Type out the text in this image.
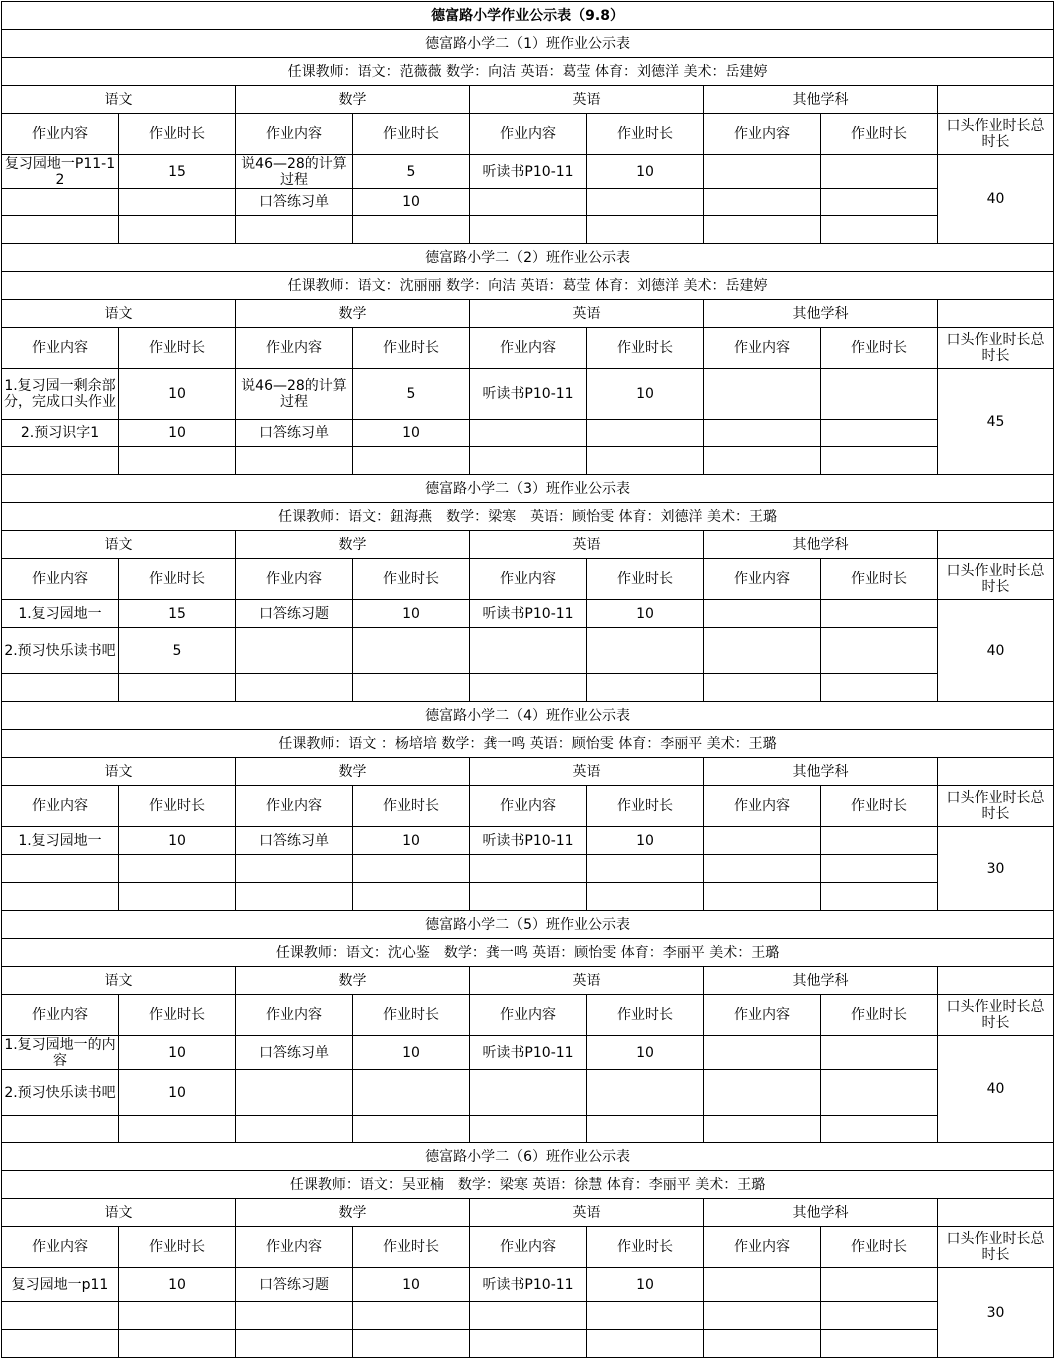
德富路小学作业公示表（9.8）								
德富路小学二（1）班作业公示表								
任课教师：语文：范薇薇 数学：向洁 英语：葛莹 体育：刘德洋 美术：岳建婷								
语文		数学		英语		其他学科		
作业内容	作业时长	作业内容	作业时长	作业内容	作业时长	作业内容	作业时长	口头作业时长总时长
复习园地一P11-12	15	说46—28的计算过程	5	听读书P10-11	10			40
		口答练习单	10					

德富路小学二（2）班作业公示表								
任课教师：语文：沈丽丽 数学：向洁 英语：葛莹 体育：刘德洋 美术：岳建婷								
语文		数学		英语		其他学科		
作业内容	作业时长	作业内容	作业时长	作业内容	作业时长	作业内容	作业时长	口头作业时长总时长
1.复习园一剩余部分，完成口头作业	10	说46—28的计算过程	5	听读书P10-11	10			45
2.预习识字1	10	口答练习单	10					

德富路小学二（3）班作业公示表								
任课教师：语文：鈕海燕　数学：梁寒　英语：顾怡雯 体育：刘德洋 美术：王璐								
语文		数学		英语		其他学科		
作业内容	作业时长	作业内容	作业时长	作业内容	作业时长	作业内容	作业时长	口头作业时长总时长
1.复习园地一	15	口答练习题	10	听读书P10-11	10			40
2.预习快乐读书吧	5							

德富路小学二（4）班作业公示表								
任课教师：语文 ：杨培培 数学：龚一鸣 英语：顾怡雯 体育：李丽平 美术：王璐								
语文		数学		英语		其他学科		
作业内容	作业时长	作业内容	作业时长	作业内容	作业时长	作业内容	作业时长	口头作业时长总时长
1.复习园地一	10	口答练习单	10	听读书P10-11	10			30

德富路小学二（5）班作业公示表								
任课教师：语文：沈心鉴　数学：龚一鸣 英语：顾怡雯 体育：李丽平 美术：王璐								
语文		数学		英语		其他学科		
作业内容	作业时长	作业内容	作业时长	作业内容	作业时长	作业内容	作业时长	口头作业时长总时长
1.复习园地一的内容	10	口答练习单	10	听读书P10-11	10			40
2.预习快乐读书吧	10							

德富路小学二（6）班作业公示表								
任课教师：语文：吴亚楠　数学：梁寒 英语：徐慧 体育：李丽平 美术：王璐								
语文		数学		英语		其他学科		
作业内容	作业时长	作业内容	作业时长	作业内容	作业时长	作业内容	作业时长	口头作业时长总时长
复习园地一p11	10	口答练习题	10	听读书P10-11	10			30
